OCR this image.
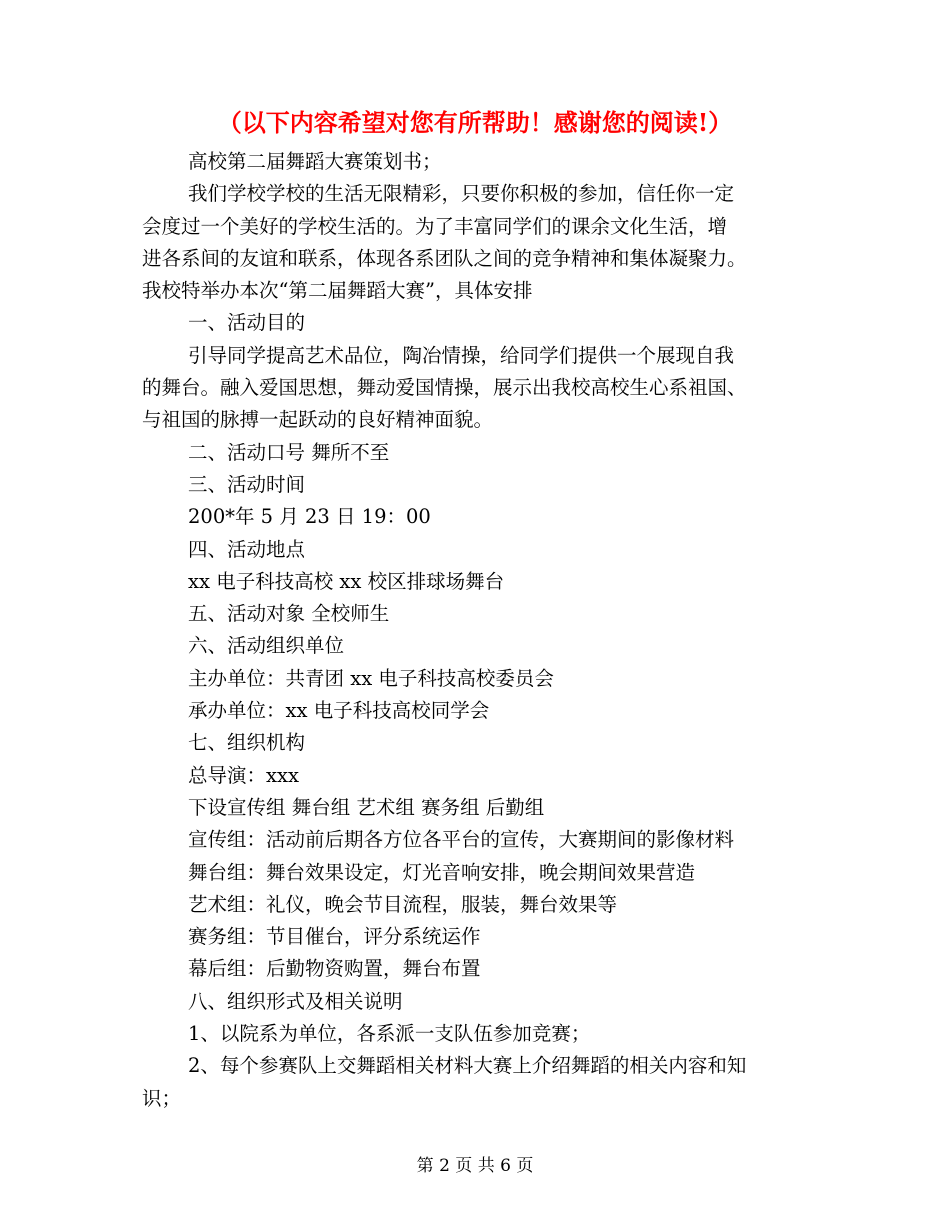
（以下内容希望对您有所帮助！感谢您的阅读!）

高校第二届舞蹈大赛策划书；

我们学校学校的生活无限精彩，只要你积极的参加，信任你一定

会度过一个美好的学校生活的。为了丰富同学们的课余文化生活，增

进各系间的友谊和联系，体现各系团队之间的竞争精神和集体凝聚力。

我校特举办本次“第二届舞蹈大赛”，具体安排

一、活动目的

引导同学提高艺术品位，陶冶情操，给同学们提供一个展现自我

的舞台。融入爱国思想，舞动爱国情操，展示出我校高校生心系祖国、

与祖国的脉搏一起跃动的良好精神面貌。

二、活动口号 舞所不至

三、活动时间

200*年 5 月 23 日 19：00

四、活动地点

xx 电子科技高校 xx 校区排球场舞台

五、活动对象 全校师生

六、活动组织单位

主办单位：共青团 xx 电子科技高校委员会

承办单位：xx 电子科技高校同学会

七、组织机构

总导演：xxx

下设宣传组 舞台组 艺术组 赛务组 后勤组

宣传组：活动前后期各方位各平台的宣传，大赛期间的影像材料

舞台组：舞台效果设定，灯光音响安排，晚会期间效果营造

艺术组：礼仪，晚会节目流程，服装，舞台效果等

赛务组：节目催台，评分系统运作

幕后组：后勤物资购置，舞台布置

八、组织形式及相关说明

1、以院系为单位，各系派一支队伍参加竞赛；

2、每个参赛队上交舞蹈相关材料大赛上介绍舞蹈的相关内容和知

识；

第 2 页 共 6 页
